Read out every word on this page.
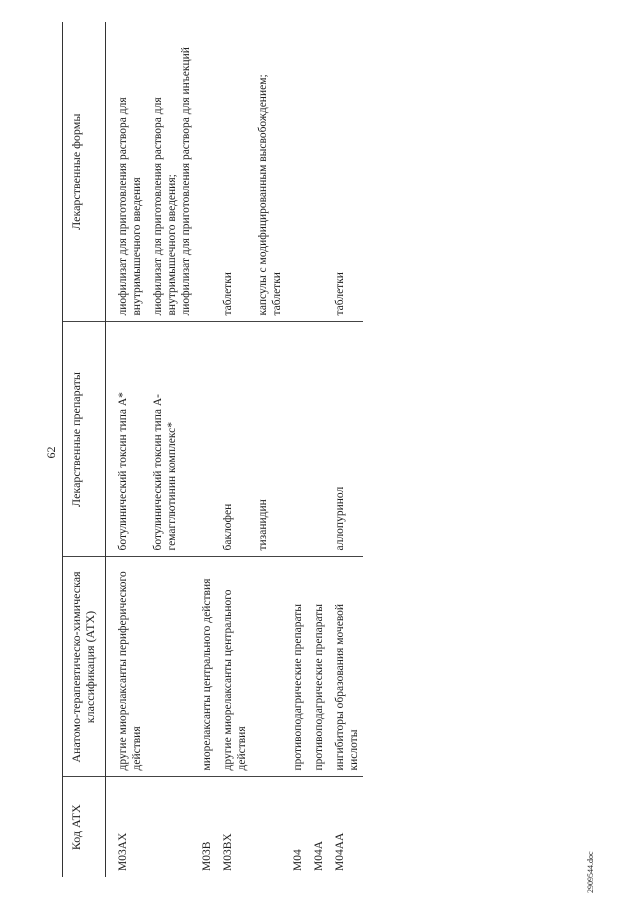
62
Код АТХ	Анатомо-терапевтическо-химическая классификация (АТХ)	Лекарственные препараты	Лекарственные формы
M03AX	другие миорелаксанты периферического действия	ботулинический токсин типа А*	лиофилизат для приготовления раствора для внутримышечного введения

		ботулинический токсин типа А-гемагглютинин комплекс*	лиофилизат для приготовления раствора для внутримышечного введения; лиофилизат для приготовления раствора для инъекций

M03B	миорелаксанты центрального действия		
M03BX	другие миорелаксанты центрального действия	баклофен	таблетки

		тизанидин	капсулы с модифицированным высвобождением; таблетки

M04	противоподагрические препараты		
M04A	противоподагрические препараты		
M04AA	ингибиторы образования мочевой кислоты	аллопуринол	таблетки
2909544.doc
